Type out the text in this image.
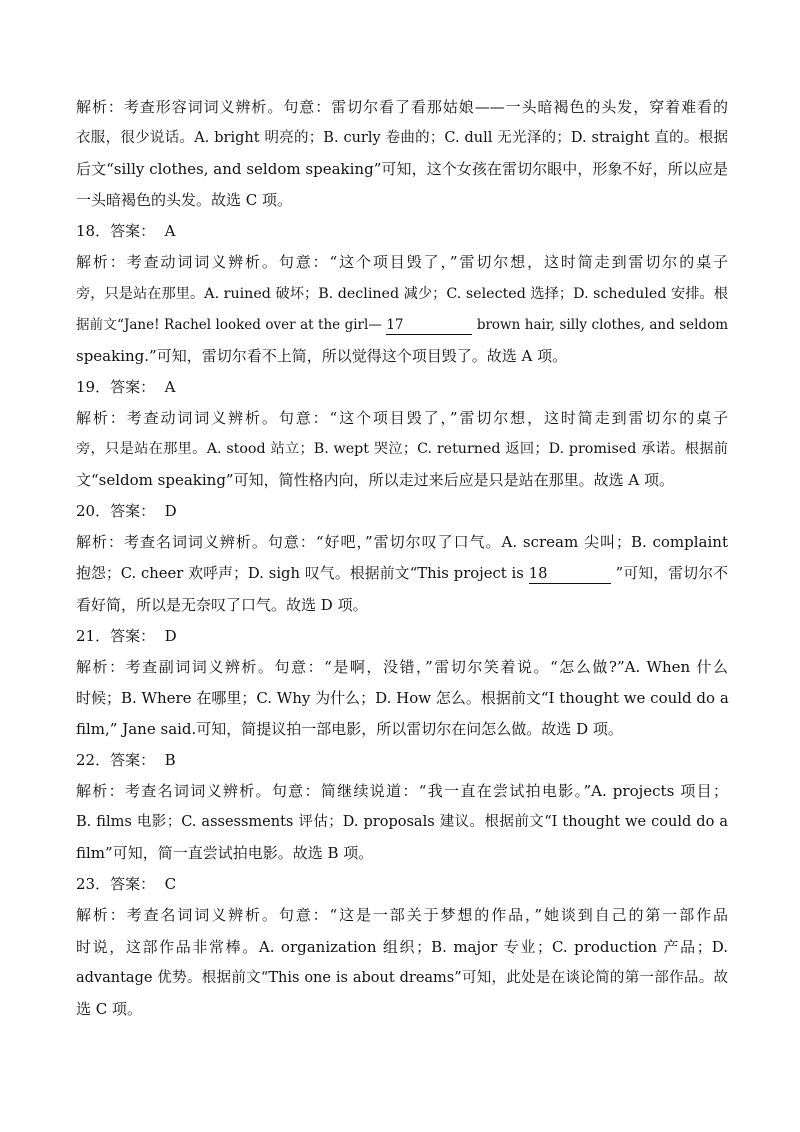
解析：考查形容词词义辨析。句意：雷切尔看了看那姑娘——一头暗褐色的头发，穿着难看的
衣服，很少说话。A. bright 明亮的；B. curly 卷曲的；C. dull 无光泽的；D. straight 直的。根据
后文“silly clothes, and seldom speaking”可知，这个女孩在雷切尔眼中，形象不好，所以应是
一头暗褐色的头发。故选 C 项。
18．答案：  A
解析：考查动词词义辨析。句意：“这个项目毁了，”雷切尔想，这时简走到雷切尔的桌子
旁，只是站在那里。A. ruined 破坏；B. declined 减少；C. selected 选择；D. scheduled 安排。根
据前文“Jane! Rachel looked over at the girl— 17	brown hair, silly clothes, and seldom
speaking.”可知，雷切尔看不上简，所以觉得这个项目毁了。故选 A 项。
19．答案：  A
解析：考查动词词义辨析。句意：“这个项目毁了，”雷切尔想，这时简走到雷切尔的桌子
旁，只是站在那里。A. stood 站立；B. wept 哭泣；C. returned 返回；D. promised 承诺。根据前
文“seldom speaking”可知，简性格内向，所以走过来后应是只是站在那里。故选 A 项。
20．答案：  D
解析：考查名词词义辨析。句意：“好吧，”雷切尔叹了口气。A. scream 尖叫；B. complaint
抱怨；C. cheer 欢呼声；D. sigh 叹气。根据前文“This project is 18	”可知，雷切尔不
看好简，所以是无奈叹了口气。故选 D 项。
21．答案：  D
解析：考查副词词义辨析。句意：“是啊，没错，”雷切尔笑着说。“怎么做?”A. When 什么
时候；B. Where 在哪里；C. Why 为什么；D. How 怎么。根据前文“I thought we could do a
film,” Jane said.可知，简提议拍一部电影，所以雷切尔在问怎么做。故选 D 项。
22．答案：  B
解析：考查名词词义辨析。句意：简继续说道：“我一直在尝试拍电影。”A. projects 项目；
B. films 电影；C. assessments 评估；D. proposals 建议。根据前文“I thought we could do a
film”可知，简一直尝试拍电影。故选 B 项。
23．答案：  C
解析：考查名词词义辨析。句意：“这是一部关于梦想的作品，”她谈到自己的第一部作品
时说，这部作品非常棒。A. organization 组织；B. major 专业；C. production 产品；D.
advantage 优势。根据前文“This one is about dreams”可知，此处是在谈论简的第一部作品。故
选 C 项。
